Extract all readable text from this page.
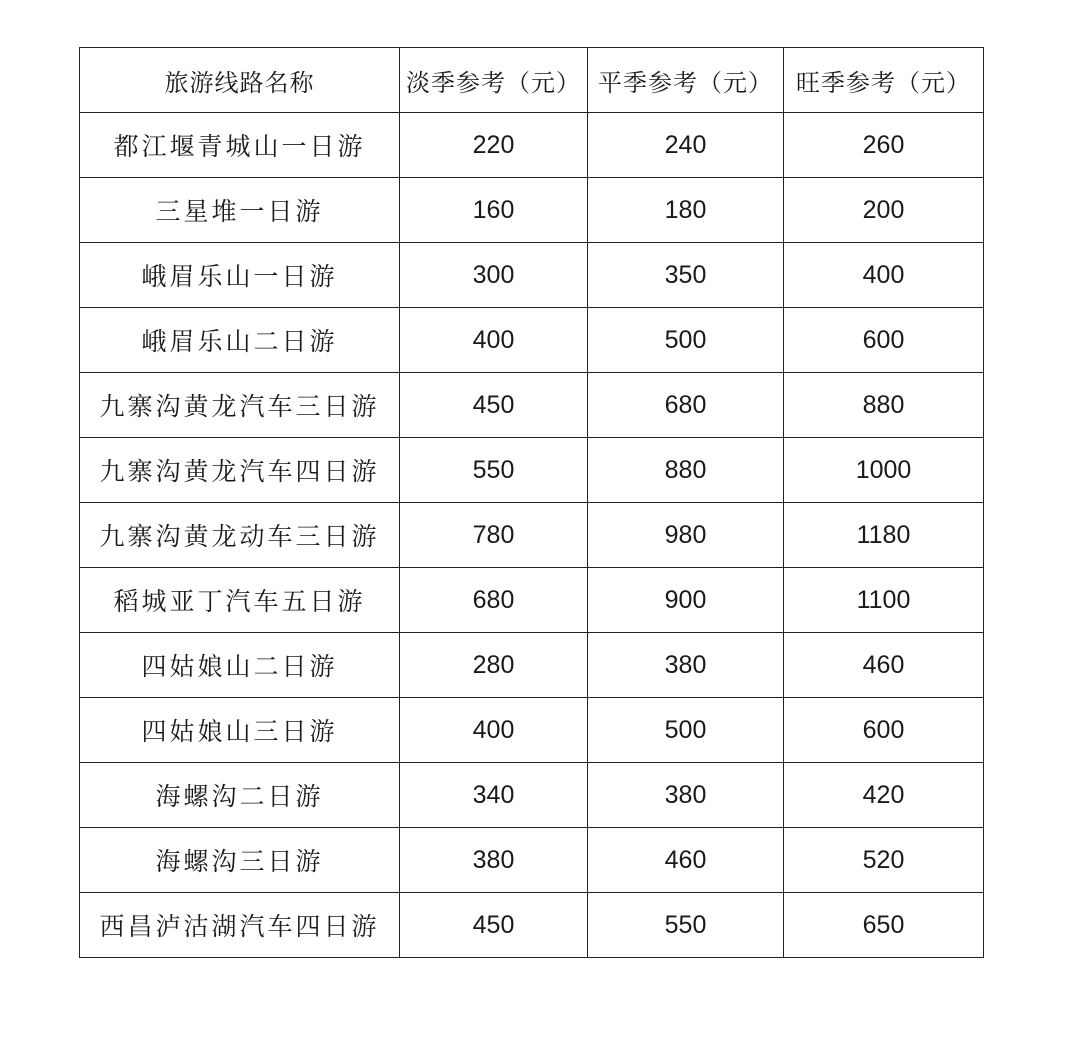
旅游线路名称	淡季参考（元）	平季参考（元）	旺季参考（元）
都江堰青城山一日游	220	240	260
三星堆一日游	160	180	200
峨眉乐山一日游	300	350	400
峨眉乐山二日游	400	500	600
九寨沟黄龙汽车三日游	450	680	880
九寨沟黄龙汽车四日游	550	880	1000
九寨沟黄龙动车三日游	780	980	1180
稻城亚丁汽车五日游	680	900	1100
四姑娘山二日游	280	380	460
四姑娘山三日游	400	500	600
海螺沟二日游	340	380	420
海螺沟三日游	380	460	520
西昌泸沽湖汽车四日游	450	550	650
